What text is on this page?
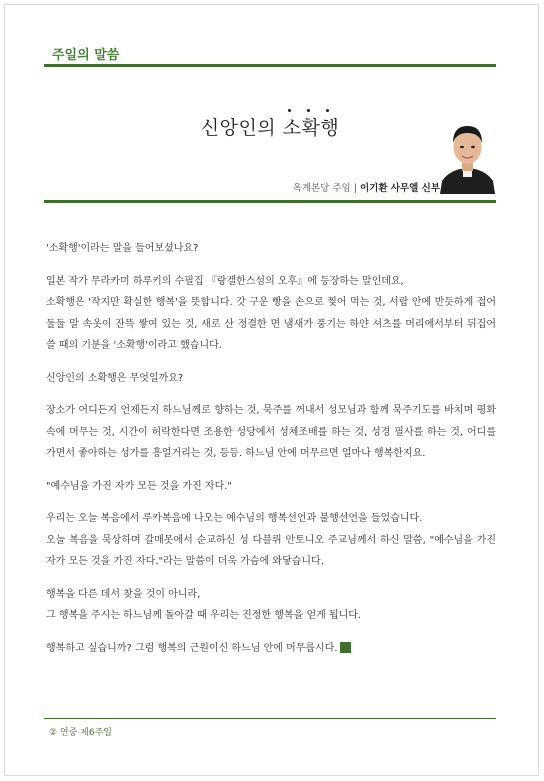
주일의 말씀
신앙인의
소확행
옥계본당 주임 | 이기환 사무엘 신부

'소확행'이라는 말을 들어보셨나요?

일본 작가 무라카미 하루키의 수필집 『랑겔한스섬의 오후』에 등장하는 말인데요,
소확행은 '작지만 확실한 행복'을 뜻합니다. 갓 구운 빵을 손으로 찢어 먹는 것, 서랍 안에 반듯하게 접어 둘둘 말 속옷이 잔뜩 쌓여 있는 것, 새로 산 정결한 면 냄새가 풍기는 하얀 셔츠를 머리에서부터 뒤집어 쓸 때의 기분을 '소확행'이라고 했습니다.

신앙인의 소확행은 무엇일까요?

장소가 어디든지 언제든지 하느님께로 향하는 것, 묵주를 꺼내서 성모님과 함께 묵주기도를 바치며 평화 속에 머무는 것, 시간이 허락한다면 조용한 성당에서 성체조배를 하는 것, 성경 필사를 하는 것, 어디를 가면서 좋아하는 성가를 흥얼거리는 것, 등등. 하느님 안에 머무르면 얼마나 행복한지요.

"예수님을 가진 자가 모든 것을 가진 자다."

우리는 오늘 복음에서 루카복음에 나오는 예수님의 행복선언과 불행선언을 들었습니다.
오늘 복음을 묵상하며 갈매못에서 순교하신 성 다블뤼 안토니오 주교님께서 하신 말씀, "예수님을 가진 자가 모든 것을 가진 자다."라는 말씀이 더욱 가슴에 와닿습니다.

행복을 다른 데서 찾을 것이 아니라,
그 행복을 주시는 하느님께 돌아갈 때 우리는 진정한 행복을 얻게 됩니다.

행복하고 싶습니까? 그럼 행복의 근원이신 하느님 안에 머무릅시다.

② 연중 제6주일
